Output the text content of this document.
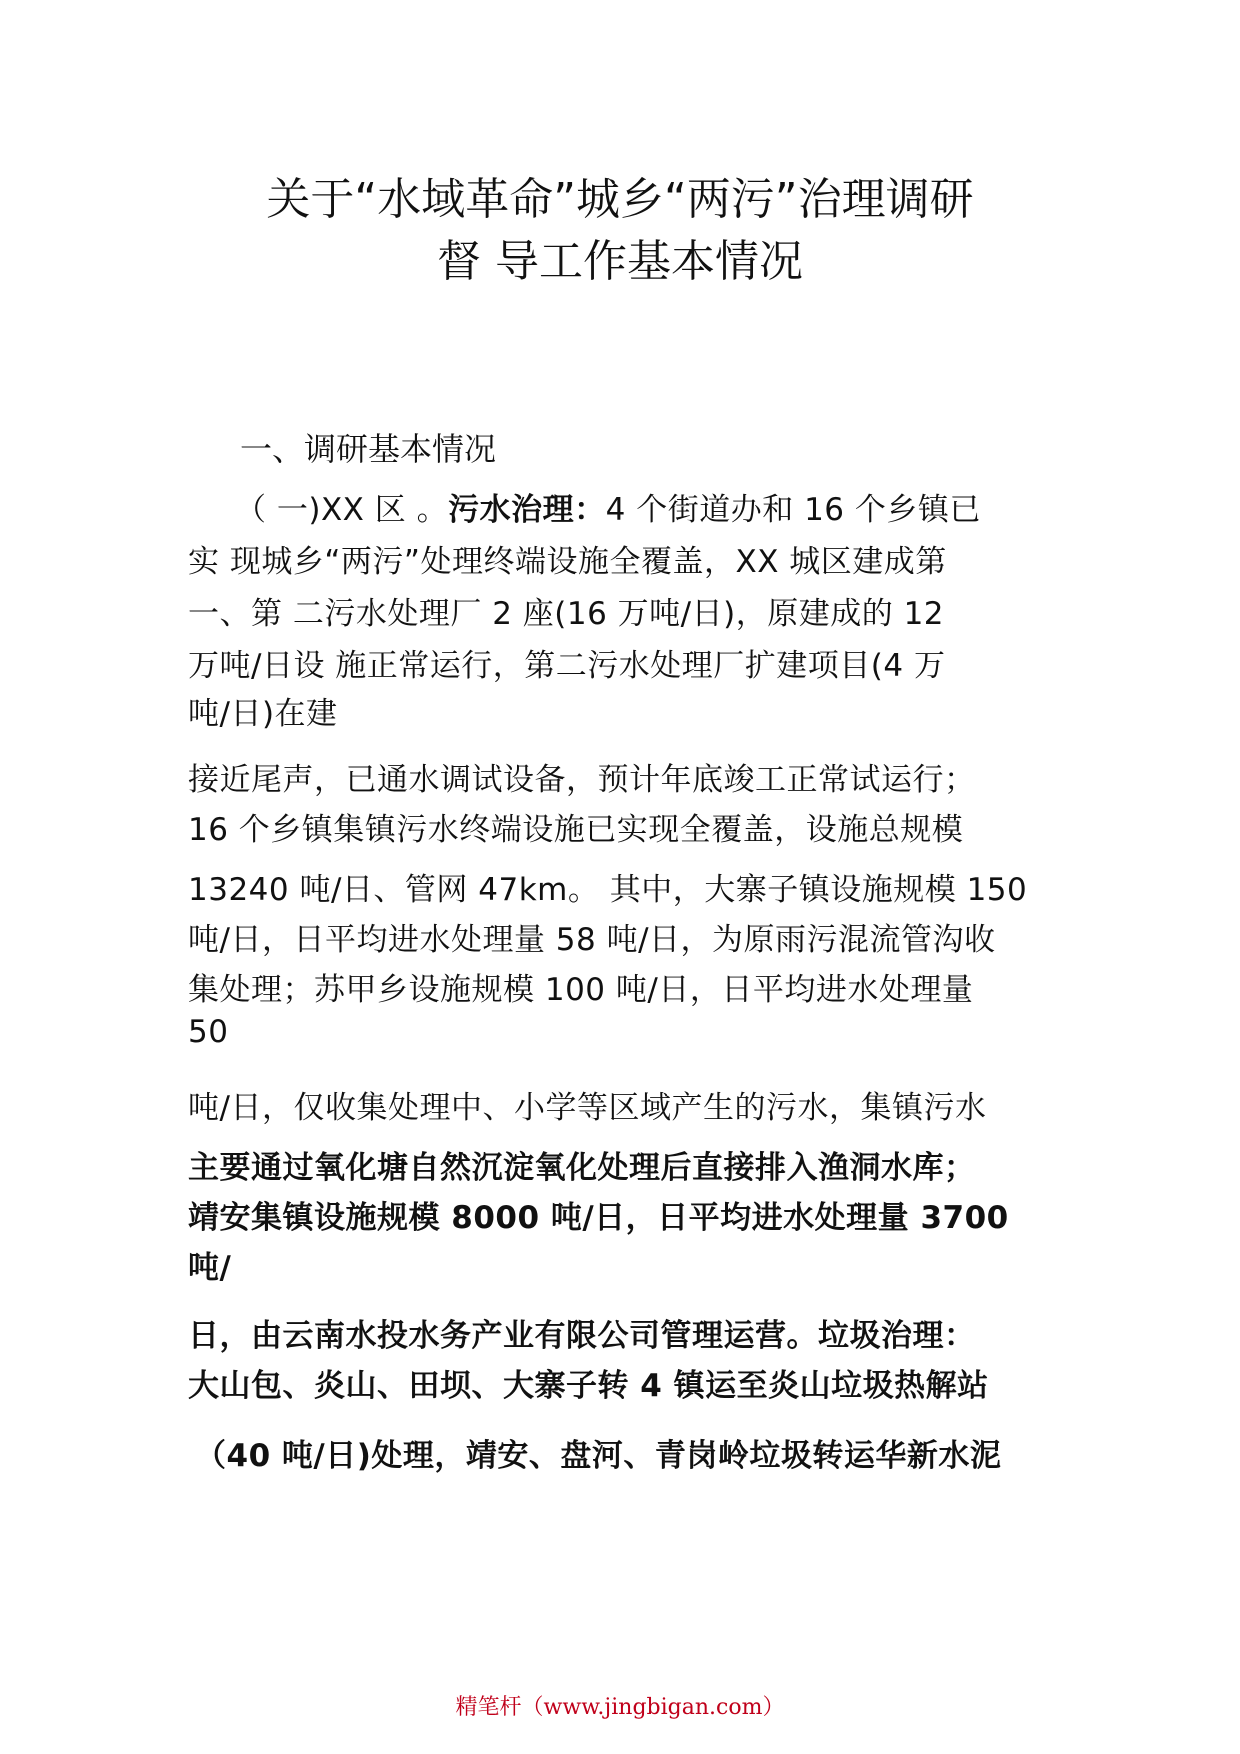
关于“水域革命”城乡“两污”治理调研
督 导工作基本情况
一、调研基本情况
（ 一)XX 区 。污水治理：4 个街道办和 16 个乡镇已
实 现城乡“两污”处理终端设施全覆盖，XX 城区建成第
一、第 二污水处理厂 2 座(16 万吨/日)，原建成的 12
万吨/日设 施正常运行，第二污水处理厂扩建项目(4 万
吨/日)在建
接近尾声，已通水调试设备，预计年底竣工正常试运行；
16 个乡镇集镇污水终端设施已实现全覆盖，设施总规模
13240 吨/日、管网 47km。 其中，大寨子镇设施规模 150
吨/日，日平均进水处理量 58 吨/日，为原雨污混流管沟收
集处理；苏甲乡设施规模 100 吨/日，日平均进水处理量
50
吨/日，仅收集处理中、小学等区域产生的污水，集镇污水
主要通过氧化塘自然沉淀氧化处理后直接排入渔洞水库；
靖安集镇设施规模 8000 吨/日，日平均进水处理量 3700
吨/
日，由云南水投水务产业有限公司管理运营。垃圾治理：
大山包、炎山、田坝、大寨子转 4 镇运至炎山垃圾热解站
（40 吨/日)处理，靖安、盘河、青岗岭垃圾转运华新水泥
精笔杆（www.jingbigan.com）
